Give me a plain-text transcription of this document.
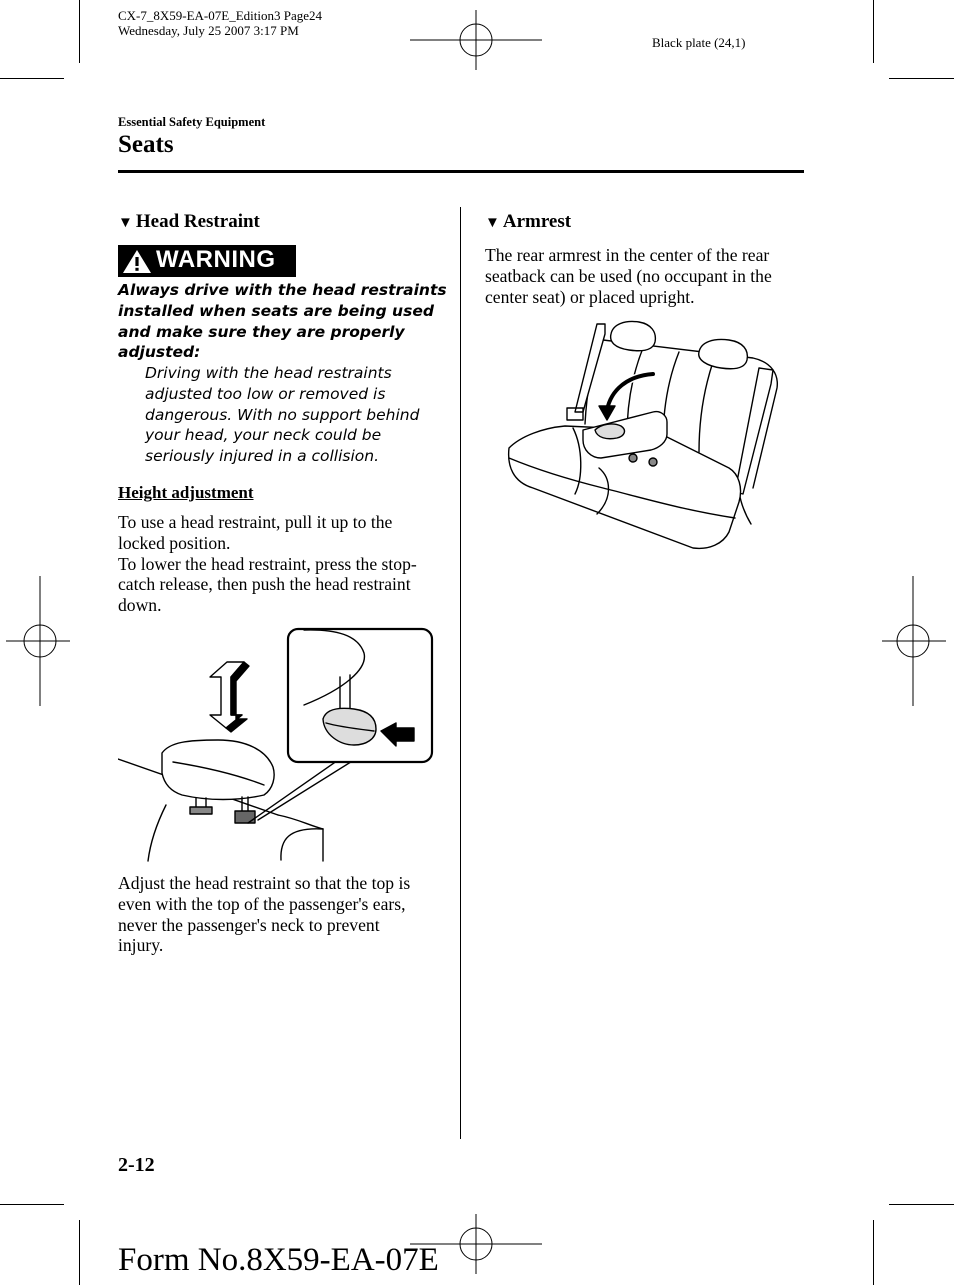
CX-7_8X59-EA-07E_Edition3 Page24
Wednesday, July 25 2007 3:17 PM
Black plate (24,1)
Essential Safety Equipment
Seats
▼ Head Restraint
WARNING
Always drive with the head restraints
installed when seats are being used
and make sure they are properly
adjusted:
Driving with the head restraints
adjusted too low or removed is
dangerous. With no support behind
your head, your neck could be
seriously injured in a collision.
Height adjustment
To use a head restraint, pull it up to the
locked position.
To lower the head restraint, press the stop-
catch release, then push the head restraint
down.
Adjust the head restraint so that the top is
even with the top of the passenger's ears,
never the passenger's neck to prevent
injury.
▼ Armrest
The rear armrest in the center of the rear
seatback can be used (no occupant in the
center seat) or placed upright.
2-12
Form No.8X59-EA-07E
